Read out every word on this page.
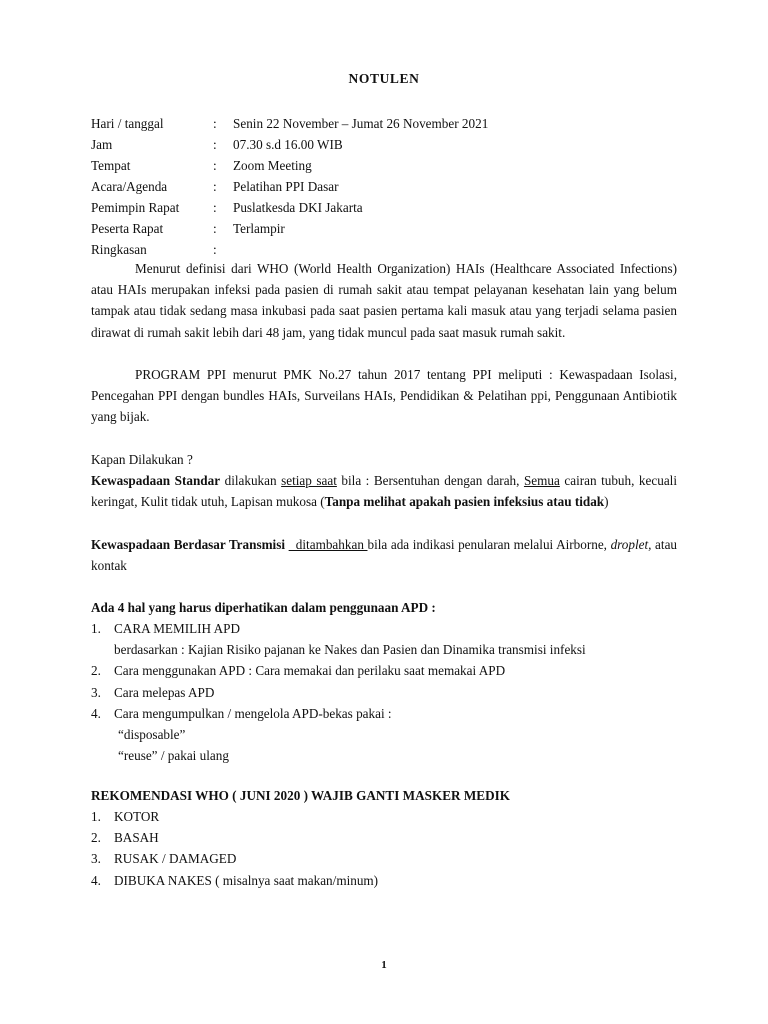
NOTULEN
Hari / tanggal	: Senin 22 November – Jumat 26 November 2021
Jam	: 07.30 s.d 16.00 WIB
Tempat	: Zoom Meeting
Acara/Agenda	: Pelatihan PPI Dasar
Pemimpin Rapat	: Puslatkesda DKI Jakarta
Peserta Rapat	: Terlampir
Ringkasan	:
Menurut definisi dari WHO (World Health Organization) HAIs (Healthcare Associated Infections) atau HAIs merupakan infeksi pada pasien di rumah sakit atau tempat pelayanan kesehatan lain yang belum tampak atau tidak sedang masa inkubasi pada saat pasien pertama kali masuk atau yang terjadi selama pasien dirawat di rumah sakit lebih dari 48 jam, yang tidak muncul pada saat masuk rumah sakit.
PROGRAM PPI menurut PMK No.27 tahun 2017 tentang PPI meliputi : Kewaspadaan Isolasi, Pencegahan PPI dengan bundles HAIs, Surveilans HAIs, Pendidikan & Pelatihan ppi, Penggunaan Antibiotik yang bijak.
Kapan Dilakukan ?
Kewaspadaan Standar dilakukan setiap saat bila : Bersentuhan dengan darah, Semua cairan tubuh, kecuali keringat, Kulit tidak utuh, Lapisan mukosa (Tanpa melihat apakah pasien infeksius atau tidak)
Kewaspadaan Berdasar Transmisi   ditambahkan bila ada indikasi penularan melalui Airborne, droplet, atau kontak
Ada 4 hal yang harus diperhatikan dalam penggunaan APD :
1. CARA MEMILIH APD
berdasarkan : Kajian Risiko pajanan ke Nakes dan Pasien dan Dinamika transmisi infeksi
2. Cara menggunakan APD : Cara memakai dan perilaku saat memakai APD
3. Cara melepas APD
4. Cara mengumpulkan / mengelola APD-bekas pakai :
“disposable”
“reuse” / pakai ulang
REKOMENDASI WHO ( JUNI 2020 ) WAJIB GANTI MASKER MEDIK
1. KOTOR
2. BASAH
3. RUSAK / DAMAGED
4. DIBUKA NAKES ( misalnya saat makan/minum)
1
